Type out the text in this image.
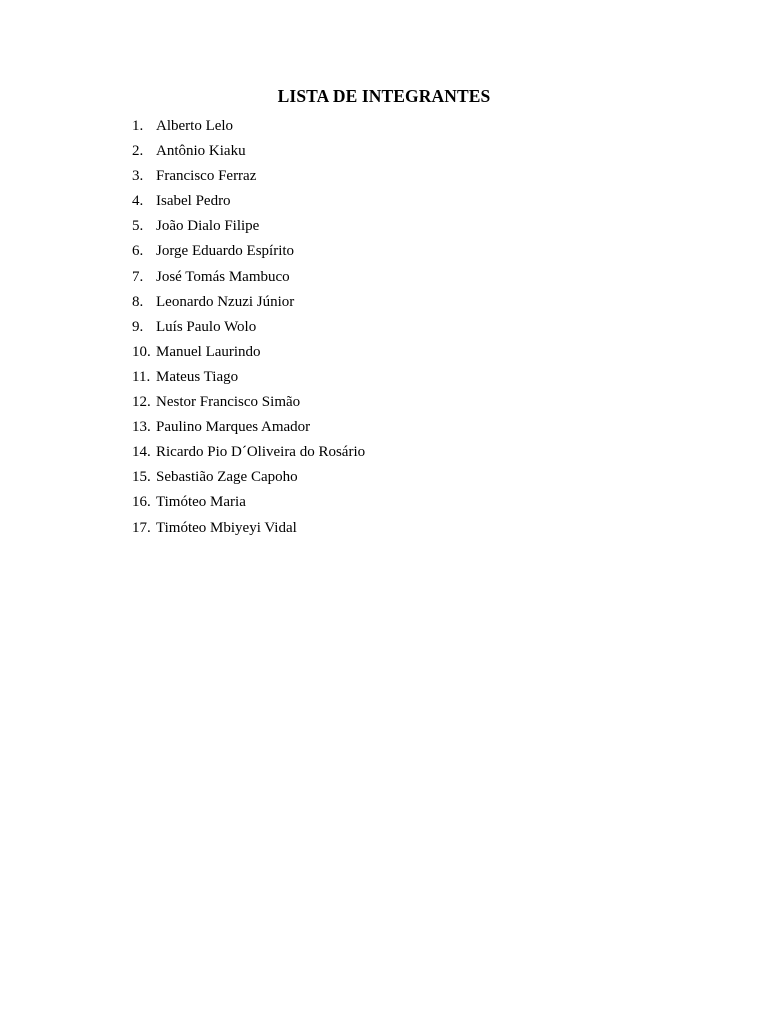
LISTA DE INTEGRANTES
1. Alberto Lelo
2. Antônio Kiaku
3. Francisco Ferraz
4. Isabel Pedro
5. João Dialo Filipe
6. Jorge Eduardo Espírito
7. José Tomás Mambuco
8. Leonardo Nzuzi Júnior
9. Luís Paulo Wolo
10. Manuel Laurindo
11. Mateus Tiago
12. Nestor Francisco Simão
13. Paulino Marques Amador
14. Ricardo Pio D´Oliveira do Rosário
15. Sebastião Zage Capoho
16. Timóteo Maria
17. Timóteo Mbiyeyi Vidal
